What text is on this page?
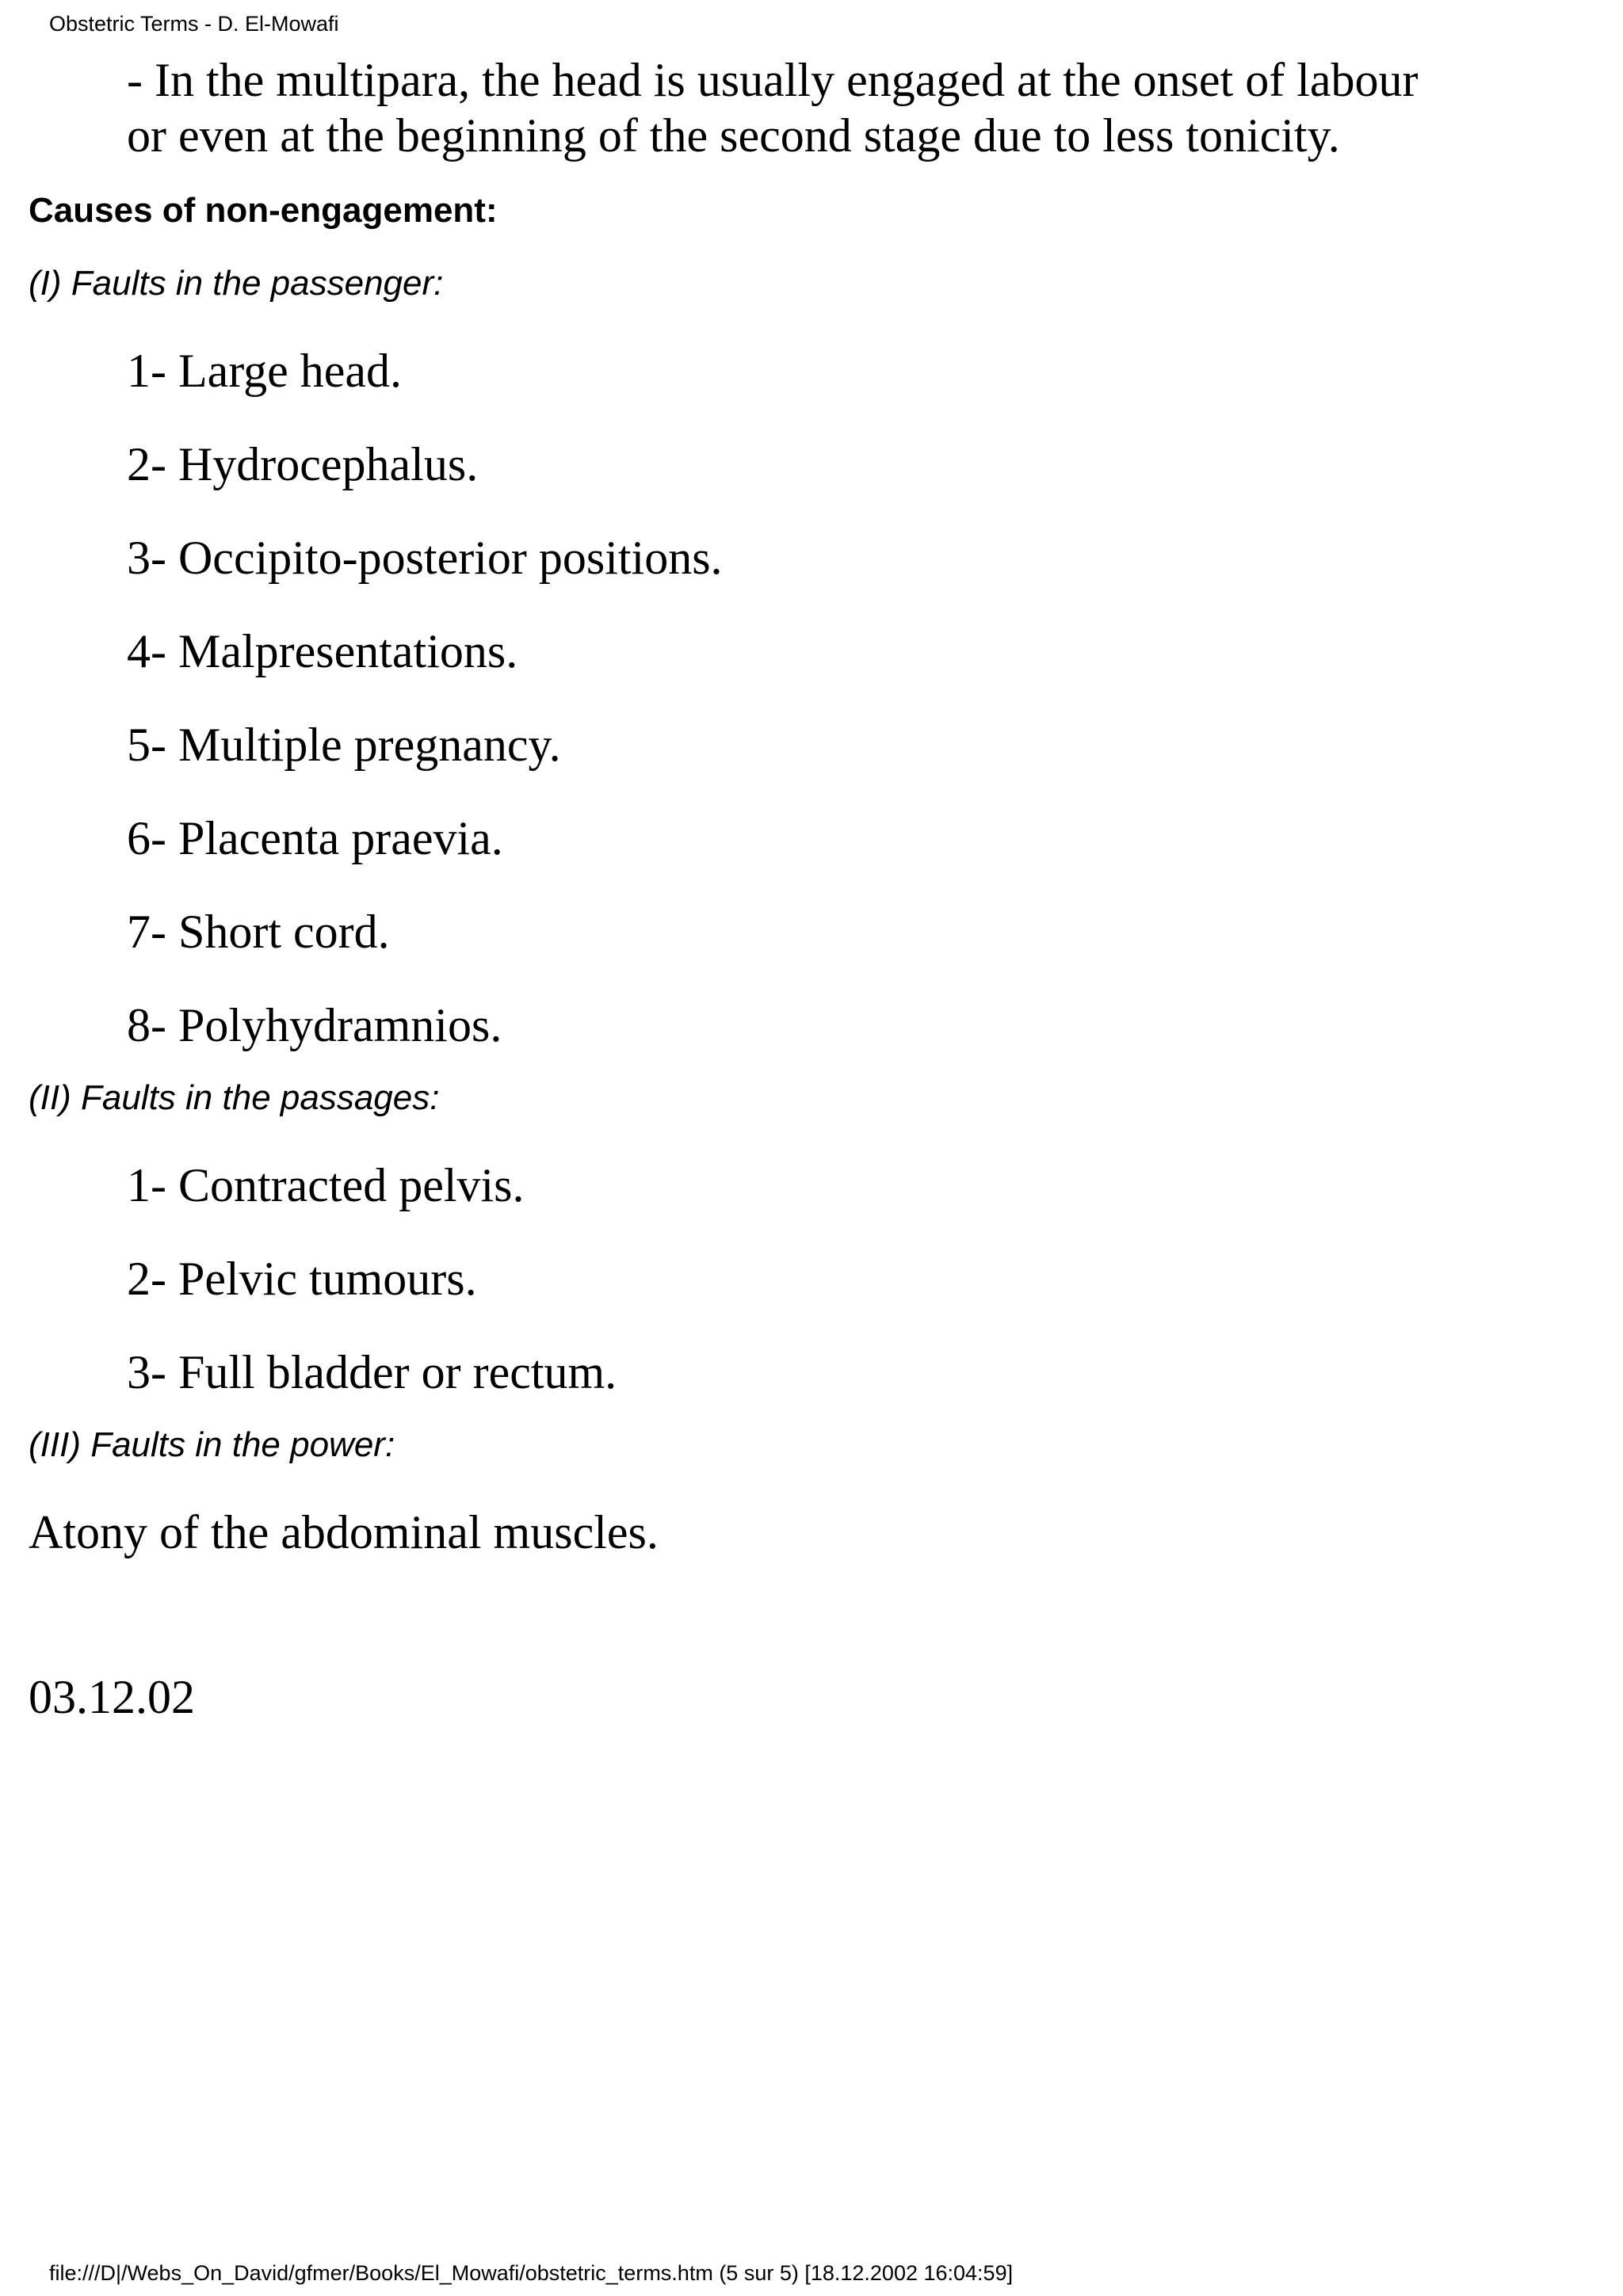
Obstetric Terms - D. El-Mowafi

- In the multipara, the head is usually engaged at the onset of labour

or even at the beginning of the second stage due to less tonicity.

Causes of non-engagement:
(I) Faults in the passenger:
1- Large head.
2- Hydrocephalus.
3- Occipito-posterior positions.
4- Malpresentations.
5- Multiple pregnancy.
6- Placenta praevia.
7- Short cord.
8- Polyhydramnios.
(II) Faults in the passages:
1- Contracted pelvis.
2- Pelvic tumours.
3- Full bladder or rectum.
(III) Faults in the power:
Atony of the abdominal muscles.
03.12.02
file:///D|/Webs_On_David/gfmer/Books/El_Mowafi/obstetric_terms.htm (5 sur 5) [18.12.2002 16:04:59]
